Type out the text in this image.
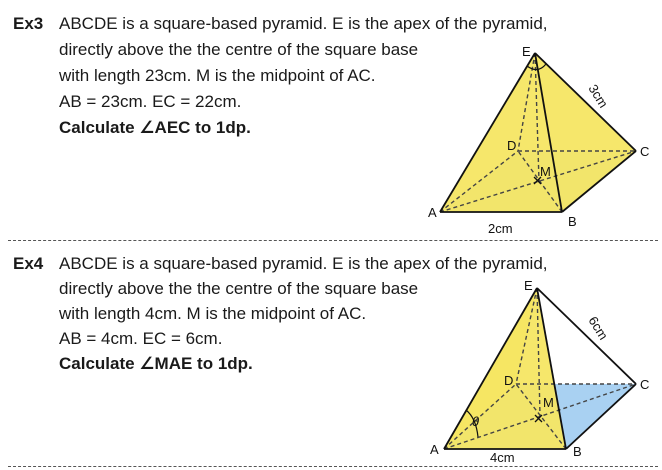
Ex3 ABCDE is a square-based pyramid. E is the apex of the pyramid,
directly above the the centre of the square base
with length 23cm. M is the midpoint of AC.
AB = 23cm. EC = 22cm.
Calculate ∠AEC to 1dp.
A
B
C
D
E
M
2cm
3cm
Ex4 ABCDE is a square-based pyramid. E is the apex of the pyramid,
directly above the the centre of the square base
with length 4cm. M is the midpoint of AC.
AB = 4cm. EC = 6cm.
Calculate ∠MAE to 1dp.
A	B
C
D
E
M
θ
4cm
6cm
